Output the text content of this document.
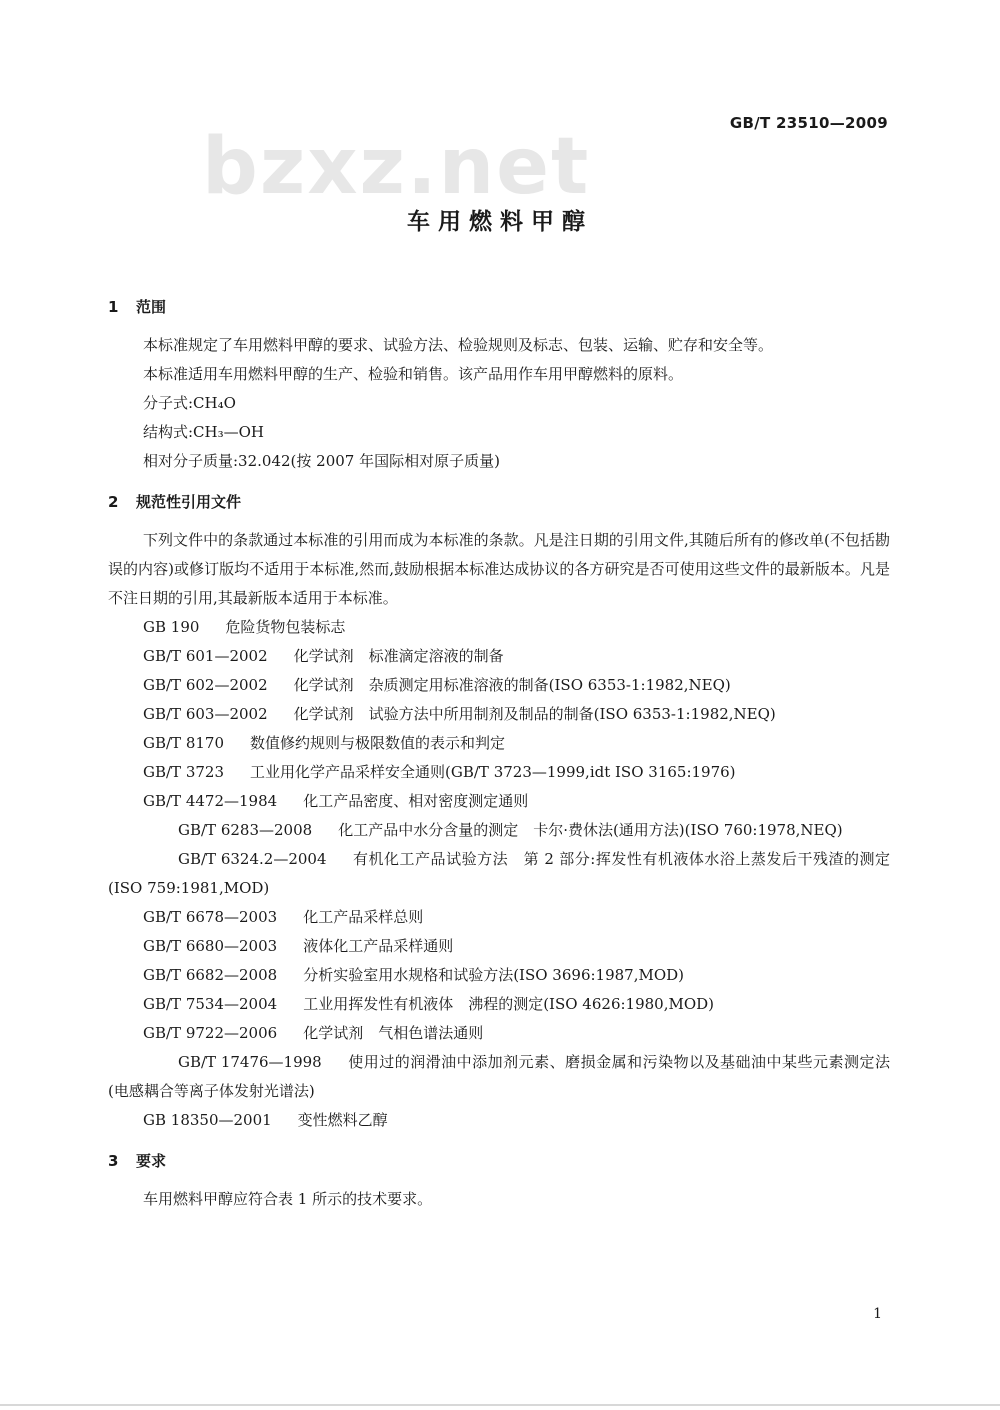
bzxz.net	GB/T 23510—2009
车用燃料甲醇
1 范围

本标准规定了车用燃料甲醇的要求、试验方法、检验规则及标志、包装、运输、贮存和安全等。

本标准适用车用燃料甲醇的生产、检验和销售。该产品用作车用甲醇燃料的原料。

分子式:CH₄O
结构式:CH₃—OH
相对分子质量:32.042(按 2007 年国际相对原子质量)
2 规范性引用文件

下列文件中的条款通过本标准的引用而成为本标准的条款。凡是注日期的引用文件,其随后所有的修改单(不包括勘误的内容)或修订版均不适用于本标准,然而,鼓励根据本标准达成协议的各方研究是否可使用这些文件的最新版本。凡是不注日期的引用,其最新版本适用于本标准。

GB 190 危险货物包装标志
GB/T 601—2002 化学试剂　标准滴定溶液的制备
GB/T 602—2002 化学试剂　杂质测定用标准溶液的制备(ISO 6353-1:1982,NEQ)
GB/T 603—2002 化学试剂　试验方法中所用制剂及制品的制备(ISO 6353-1:1982,NEQ)
GB/T 8170 数值修约规则与极限数值的表示和判定
GB/T 3723 工业用化学产品采样安全通则(GB/T 3723—1999,idt ISO 3165:1976)
GB/T 4472—1984 化工产品密度、相对密度测定通则
GB/T 6283—2008 化工产品中水分含量的测定　卡尔·费休法(通用方法)(ISO 760:1978,NEQ)
GB/T 6324.2—2004 有机化工产品试验方法　第 2 部分:挥发性有机液体水浴上蒸发后干残渣的测定(ISO 759:1981,MOD)
GB/T 6678—2003 化工产品采样总则
GB/T 6680—2003 液体化工产品采样通则
GB/T 6682—2008 分析实验室用水规格和试验方法(ISO 3696:1987,MOD)
GB/T 7534—2004 工业用挥发性有机液体　沸程的测定(ISO 4626:1980,MOD)
GB/T 9722—2006 化学试剂　气相色谱法通则
GB/T 17476—1998 使用过的润滑油中添加剂元素、磨损金属和污染物以及基础油中某些元素测定法(电感耦合等离子体发射光谱法)
GB 18350—2001 变性燃料乙醇
3 要求

车用燃料甲醇应符合表 1 所示的技术要求。

1
